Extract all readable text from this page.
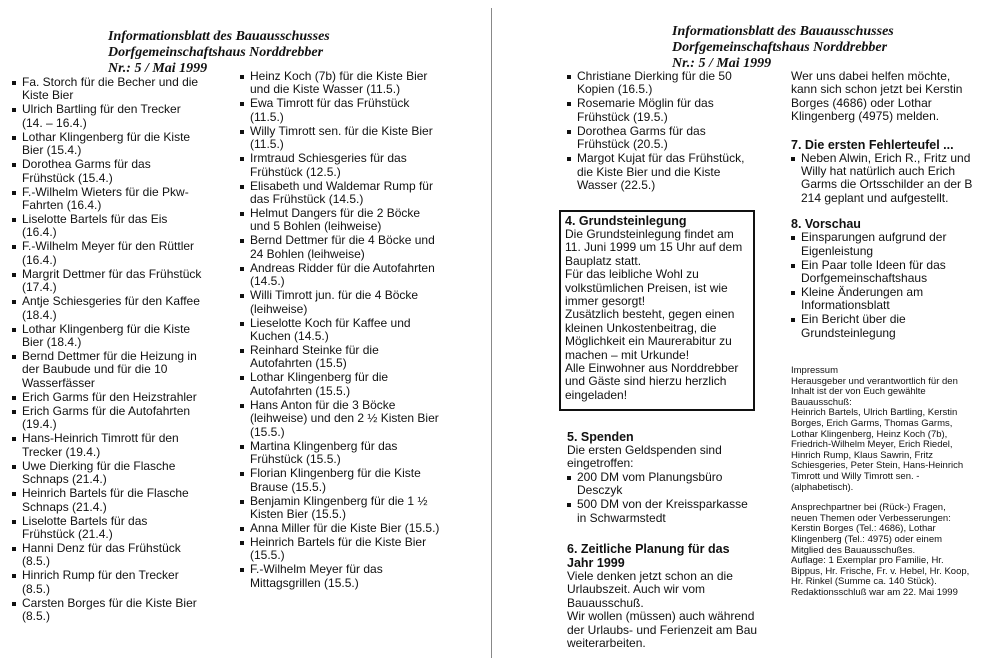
Informationsblatt des Bauausschusses
Dorfgemeinschaftshaus Norddrebber
Nr.: 5 / Mai 1999
Fa. Storch für die Becher und die Kiste Bier
Ulrich Bartling für den Trecker (14. – 16.4.)
Lothar Klingenberg für die Kiste Bier (15.4.)
Dorothea Garms für das Frühstück (15.4.)
F.-Wilhelm Wieters für die Pkw-Fahrten (16.4.)
Liselotte Bartels für das Eis (16.4.)
F.-Wilhelm Meyer für den Rüttler (16.4.)
Margrit Dettmer für das Frühstück (17.4.)
Antje Schiesgeries für den Kaffee (18.4.)
Lothar Klingenberg für die Kiste Bier (18.4.)
Bernd Dettmer für die Heizung in der Baubude und für die 10 Wasserfässer
Erich Garms für den Heizstrahler
Erich Garms für die Autofahrten (19.4.)
Hans-Heinrich Timrott für den Trecker (19.4.)
Uwe Dierking für die Flasche Schnaps (21.4.)
Heinrich Bartels für die Flasche Schnaps (21.4.)
Liselotte Bartels für das Frühstück (21.4.)
Hanni Denz für das Frühstück (8.5.)
Hinrich Rump für den Trecker (8.5.)
Carsten Borges für die Kiste Bier (8.5.)
Heinz Koch (7b) für die Kiste Bier und die Kiste Wasser (11.5.)
Ewa Timrott für das Frühstück (11.5.)
Willy Timrott sen. für die Kiste Bier (11.5.)
Irmtraud Schiesgeries für das Frühstück (12.5.)
Elisabeth und Waldemar Rump für das Frühstück (14.5.)
Helmut Dangers für die 2 Böcke und 5 Bohlen (leihweise)
Bernd Dettmer für die 4 Böcke und 24 Bohlen (leihweise)
Andreas Ridder für die Autofahrten (14.5.)
Willi Timrott jun. für die 4 Böcke (leihweise)
Lieselotte Koch für Kaffee und Kuchen (14.5.)
Reinhard Steinke für die Autofahrten (15.5)
Lothar Klingenberg für die Autofahrten (15.5.)
Hans Anton für die 3 Böcke (leihweise) und den 2 ½ Kisten Bier (15.5.)
Martina Klingenberg für das Frühstück (15.5.)
Florian Klingenberg für die Kiste Brause (15.5.)
Benjamin Klingenberg für die 1 ½ Kisten Bier (15.5.)
Anna Miller für die Kiste Bier (15.5.)
Heinrich Bartels für die Kiste Bier (15.5.)
F.-Wilhelm Meyer für das Mittagsgrillen (15.5.)
Informationsblatt des Bauausschusses
Dorfgemeinschaftshaus Norddrebber
Nr.: 5 / Mai 1999
Christiane Dierking für die 50 Kopien (16.5.)
Rosemarie Möglin für das Frühstück (19.5.)
Dorothea Garms für das Frühstück (20.5.)
Margot Kujat für das Frühstück, die Kiste Bier und die Kiste Wasser (22.5.)

4. Grundsteinlegung

Die Grundsteinlegung findet am 11. Juni 1999 um 15 Uhr auf dem Bauplatz statt.

Für das leibliche Wohl zu volkstümlichen Preisen, ist wie immer gesorgt!

Zusätzlich besteht, gegen einen kleinen Unkostenbeitrag, die Möglichkeit ein Maurerabitur zu machen – mit Urkunde!

Alle Einwohner aus Norddrebber und Gäste sind hierzu herzlich eingeladen!

5. Spenden

Die ersten Geldspenden sind eingetroffen:

200 DM vom Planungsbüro Desczyk
500 DM von der Kreissparkasse in Schwarmstedt

6. Zeitliche Planung für das Jahr 1999

Viele denken jetzt schon an die Urlaubszeit. Auch wir vom Bauausschuß.

Wir wollen (müssen) auch während der Urlaubs- und Ferienzeit am Bau weiterarbeiten.

Wer uns dabei helfen möchte, kann sich schon jetzt bei Kerstin Borges (4686) oder Lothar Klingenberg (4975) melden.

7. Die ersten Fehlerteufel ...

Neben Alwin, Erich R., Fritz und Willy hat natürlich auch Erich Garms die Ortsschilder an der B 214 geplant und aufgestellt.

8. Vorschau

Einsparungen aufgrund der Eigenleistung
Ein Paar tolle Ideen für das Dorfgemeinschaftshaus
Kleine Änderungen am Informationsblatt
Ein Bericht über die Grundsteinlegung

Impressum

Herausgeber und verantwortlich für den Inhalt ist der von Euch gewählte Bauausschuß:

Heinrich Bartels, Ulrich Bartling, Kerstin Borges, Erich Garms, Thomas Garms, Lothar Klingenberg, Heinz Koch (7b), Friedrich-Wilhelm Meyer, Erich Riedel, Hinrich Rump, Klaus Sawrin, Fritz Schiesgeries, Peter Stein, Hans-Heinrich Timrott und Willy Timrott sen. - (alphabetisch).

Ansprechpartner bei (Rück-) Fragen, neuen Themen oder Verbesserungen: Kerstin Borges (Tel.: 4686), Lothar Klingenberg (Tel.: 4975) oder einem Mitglied des Bauausschußes.

Auflage: 1 Exemplar pro Familie, Hr. Bippus, Hr. Frische, Fr. v. Hebel, Hr. Koop, Hr. Rinkel (Summe ca. 140 Stück).

Redaktionsschluß war am 22. Mai 1999
